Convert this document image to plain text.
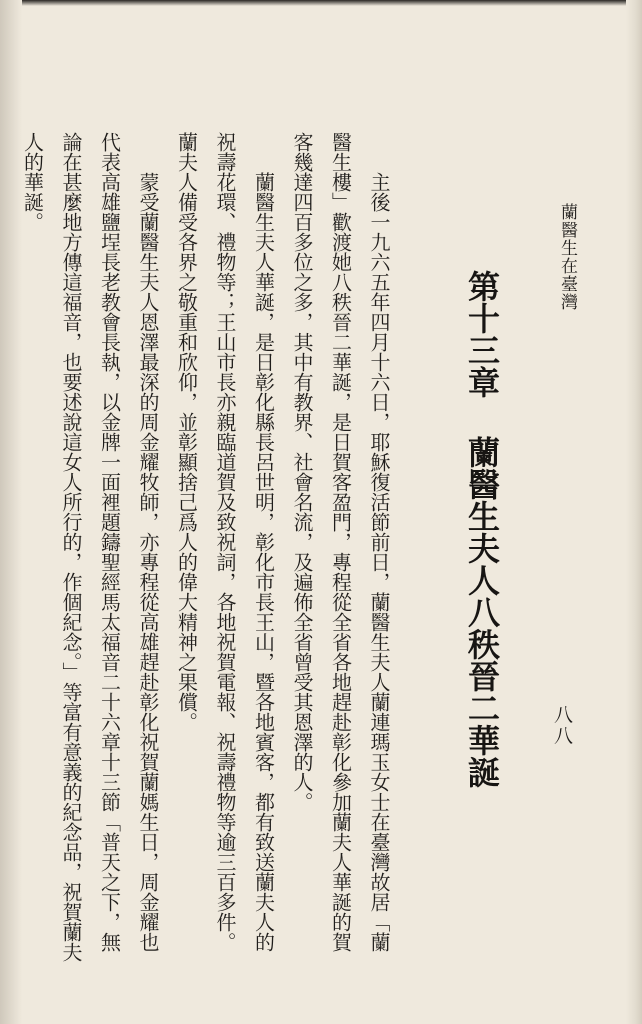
蘭醫生在臺灣
第十三章蘭醫生夫人八秩晉二華誕	八八

主後一九六五年四月十六日，耶穌復活節前日，蘭醫生夫人蘭連瑪玉女士在臺灣故居「蘭醫生樓」歡渡她八秩晉二華誕，是日賀客盈門，專程從全省各地趕赴彰化參加蘭夫人華誕的賀客幾達四百多位之多，其中有教界、社會名流，及遍佈全省曾受其恩澤的人。

蘭醫生夫人華誕，是日彰化縣長呂世明，彰化市長王山，暨各地賓客，都有致送蘭夫人的祝壽花環、禮物等；王山市長亦親臨道賀及致祝詞，各地祝賀電報、祝壽禮物等逾三百多件。蘭夫人備受各界之敬重和欣仰，並彰顯捨己爲人的偉大精神之果償。

蒙受蘭醫生夫人恩澤最深的周金耀牧師，亦專程從高雄趕赴彰化祝賀蘭媽生日，周金耀也代表高雄鹽埕長老教會長執，以金牌一面裡題鑄聖經馬太福音二十六章十三節「普天之下，無論在甚麼地方傳這福音，也要述說這女人所行的，作個紀念。」等富有意義的紀念品，祝賀蘭夫人的華誕。
